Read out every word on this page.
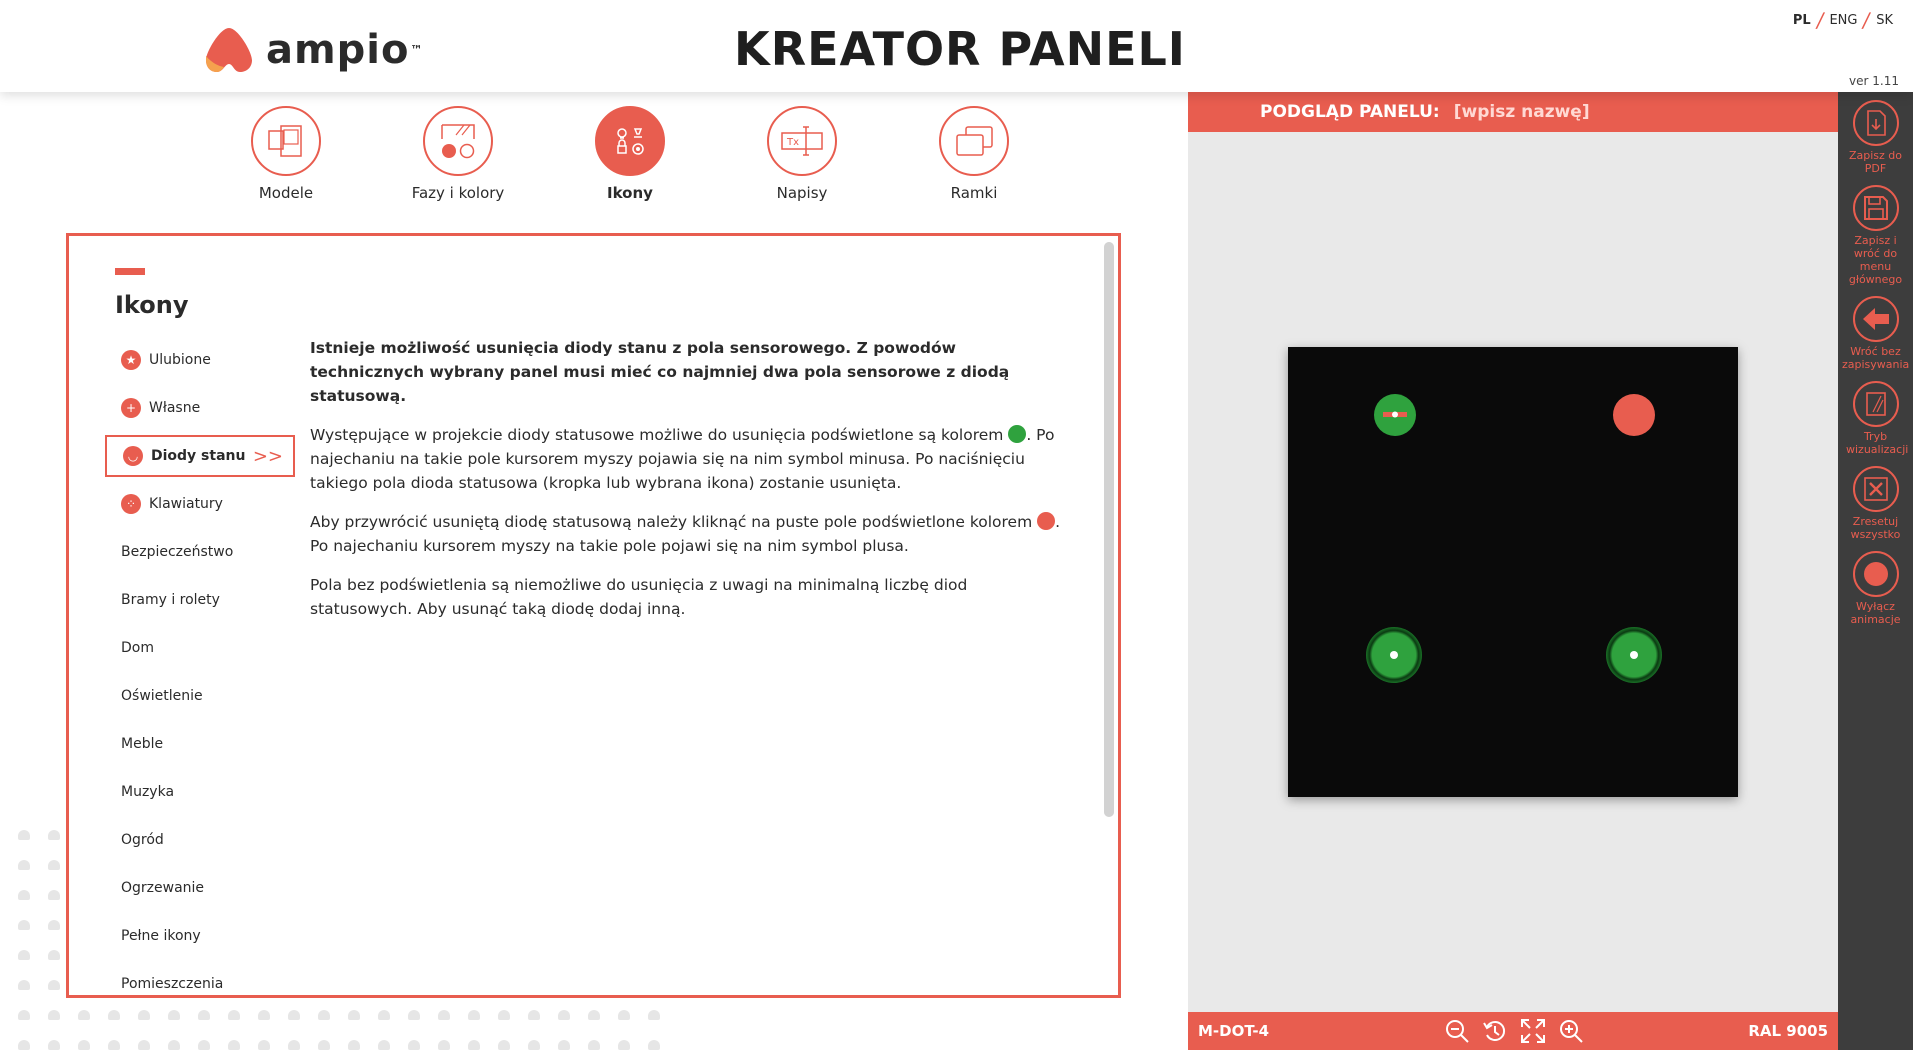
ampio™	KREATOR PANELI
PL / ENG / SK
ver 1.11
Modele	Fazy i kolory	Ikony
Tx
Napisy	Ramki
Ikony
★ Ulubione
+ Własne
◡ Diody stanu >>
⁘ Klawiatury
Bezpieczeństwo
Bramy i rolety
Dom
Oświetlenie
Meble
Muzyka
Ogród
Ogrzewanie
Pełne ikony
Pomieszczenia

Istnieje możliwość usunięcia diody stanu z pola sensorowego. Z powodów technicznych wybrany panel musi mieć co najmniej dwa pola sensorowe z diodą statusową.

Występujące w projekcie diody statusowe możliwe do usunięcia podświetlone są kolorem . Po najechaniu na takie pole kursorem myszy pojawia się na nim symbol minusa. Po naciśnięciu takiego pola dioda statusowa (kropka lub wybrana ikona) zostanie usunięta.

Aby przywrócić usuniętą diodę statusową należy kliknąć na puste pole podświetlone kolorem . Po najechaniu kursorem myszy na takie pole pojawi się na nim symbol plusa.

Pola bez podświetlenia są niemożliwe do usunięcia z uwagi na minimalną liczbę diod statusowych. Aby usunąć taką diodę dodaj inną.

PODGLĄD PANELU: [wpisz nazwę]
M-DOT-4	RAL 9005
Zapisz do PDF
Zapisz i wróć do menu głównego
Wróć bez zapisywania
Tryb wizualizacji
Zresetuj wszystko
Wyłącz animacje
